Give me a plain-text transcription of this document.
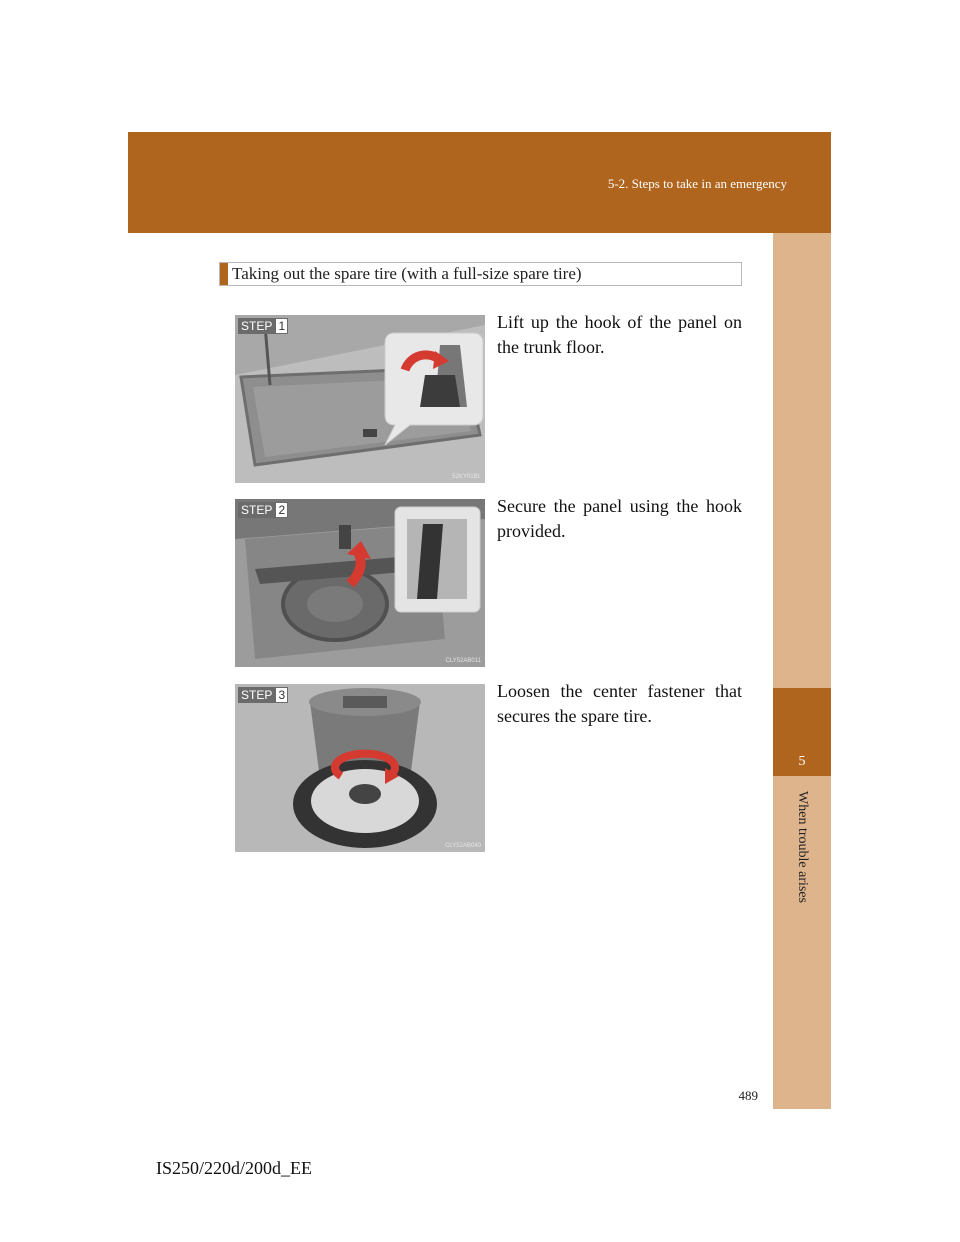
5-2. Steps to take in an emergency
5
When trouble arises
Taking out the spare tire (with a full-size spare tire)
STEP 1
52KY01BL
Lift up the hook of the panel on the trunk floor.
STEP 2
CLY52AB011
Secure the panel using the hook provided.
STEP 3
CLY52AB040
Loosen the center fastener that secures the spare tire.
489
IS250/220d/200d_EE
